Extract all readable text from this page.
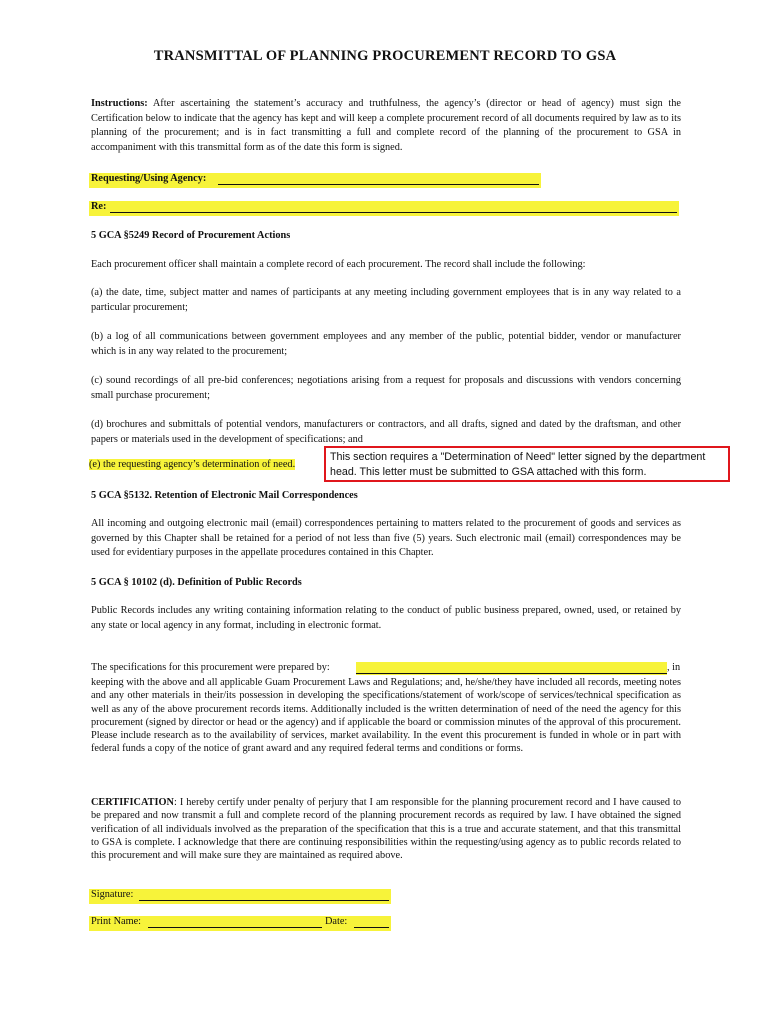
TRANSMITTAL OF PLANNING PROCUREMENT RECORD TO GSA
Instructions: After ascertaining the statement’s accuracy and truthfulness, the agency’s (director or head of agency) must sign the Certification below to indicate that the agency has kept and will keep a complete procurement record of all documents required by law as to its planning of the procurement; and is in fact transmitting a full and complete record of the planning of the procurement to GSA in accompaniment with this transmittal form as of the date this form is signed.
Requesting/Using Agency:
Re:
5 GCA §5249 Record of Procurement Actions
Each procurement officer shall maintain a complete record of each procurement. The record shall include the following:
(a) the date, time, subject matter and names of participants at any meeting including government employees that is in any way related to a particular procurement;
(b) a log of all communications between government employees and any member of the public, potential bidder, vendor or manufacturer which is in any way related to the procurement;
(c) sound recordings of all pre-bid conferences; negotiations arising from a request for proposals and discussions with vendors concerning small purchase procurement;
(d) brochures and submittals of potential vendors, manufacturers or contractors, and all drafts, signed and dated by the draftsman, and other papers or materials used in the development of specifications; and
(e) the requesting agency’s determination of need.
This section requires a "Determination of Need" letter signed by the department
head. This letter must be submitted to GSA attached with this form.
5 GCA §5132. Retention of Electronic Mail Correspondences
All incoming and outgoing electronic mail (email) correspondences pertaining to matters related to the procurement of goods and services as governed by this Chapter shall be retained for a period of not less than five (5) years. Such electronic mail (email) correspondences may be used for evidentiary purposes in the appellate procedures contained in this Chapter.
5 GCA § 10102 (d). Definition of Public Records
Public Records includes any writing containing information relating to the conduct of public business prepared, owned, used, or retained by any state or local agency in any format, including in electronic format.
The specifications for this procurement were prepared by:	, in
keeping with the above and all applicable Guam Procurement Laws and Regulations; and, he/she/they have included all records, meeting notes and any other materials in their/its possession in developing the specifications/statement of work/scope of services/technical specification as well as any of the above procurement records items. Additionally included is the written determination of need of the need the agency for this procurement (signed by director or head or the agency) and if applicable the board or commission minutes of the approval of this procurement. Please include research as to the availability of services, market availability. In the event this procurement is funded in whole or in part with federal funds a copy of the notice of grant award and any required federal terms and conditions or forms.
CERTIFICATION: I hereby certify under penalty of perjury that I am responsible for the planning procurement record and I have caused to be prepared and now transmit a full and complete record of the planning procurement records as required by law. I have obtained the signed verification of all individuals involved as the preparation of the specification that this is a true and accurate statement, and that this transmittal to GSA is complete. I acknowledge that there are continuing responsibilities within the requesting/using agency as to public records related to this procurement and will make sure they are maintained as required above.
Signature:
Print Name:	Date:
